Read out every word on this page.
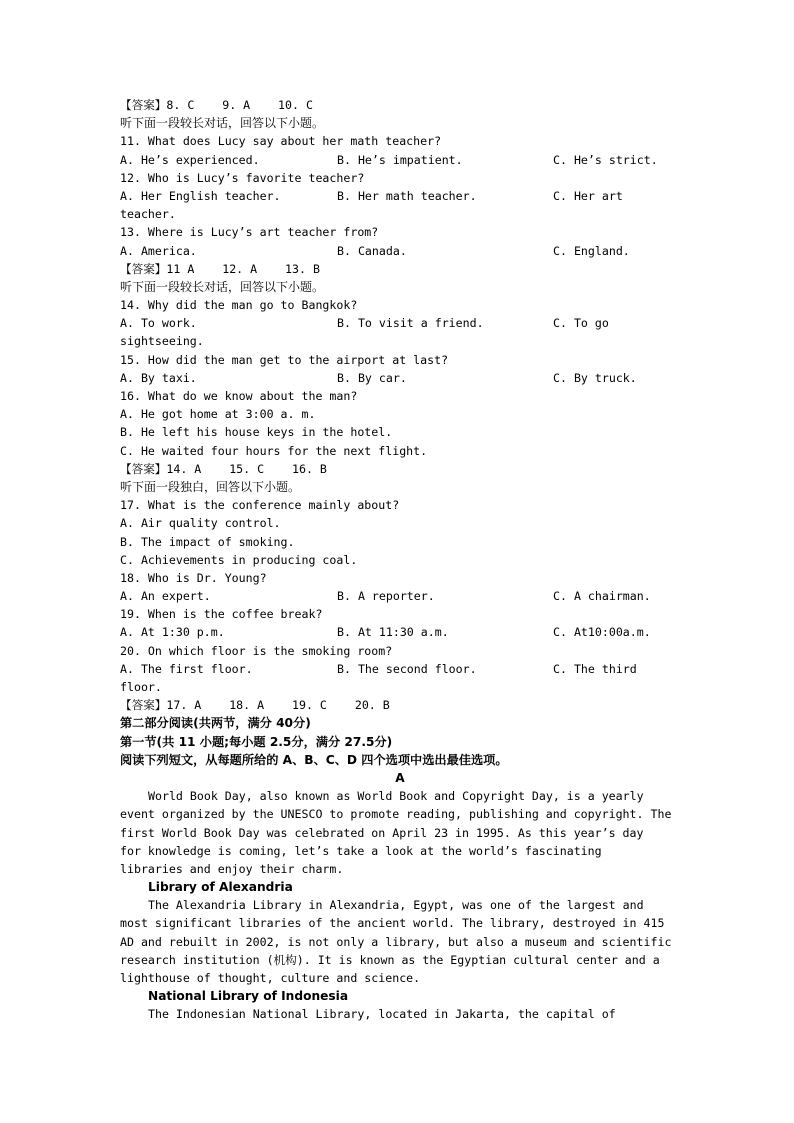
【答案】8. C    9. A    10. C
听下面一段较长对话，回答以下小题。
11. What does Lucy say about her math teacher?
A. He’s experienced.	B. He’s impatient.	C. He’s strict.
12. Who is Lucy’s favorite teacher?
A. Her English teacher.	B. Her math teacher.	C. Her art
teacher.
13. Where is Lucy’s art teacher from?
A. America.	B. Canada.	C. England.
【答案】11 A    12. A    13. B
听下面一段较长对话，回答以下小题。
14. Why did the man go to Bangkok?
A. To work.	B. To visit a friend.	C. To go
sightseeing.
15. How did the man get to the airport at last?
A. By taxi.	B. By car.	C. By truck.
16. What do we know about the man?
A. He got home at 3:00 a. m.
B. He left his house keys in the hotel.
C. He waited four hours for the next flight.
【答案】14. A    15. C    16. B
听下面一段独白，回答以下小题。
17. What is the conference mainly about?
A. Air quality control.
B. The impact of smoking.
C. Achievements in producing coal.
18. Who is Dr. Young?
A. An expert.	B. A reporter.	C. A chairman.
19. When is the coffee break?
A. At 1:30 p.m.	B. At 11:30 a.m.	C. At10:00a.m.
20. On which floor is the smoking room?
A. The first floor.	B. The second floor.	C. The third
floor.
【答案】17. A    18. A    19. C    20. B
第二部分阅读(共两节，满分 40分)
第一节(共 11 小题;每小题 2.5分，满分 27.5分)
阅读下列短文，从每题所给的 A、B、C、D 四个选项中选出最佳选项。
A
World Book Day, also known as World Book and Copyright Day, is a yearly
event organized by the UNESCO to promote reading, publishing and copyright. The
first World Book Day was celebrated on April 23 in 1995. As this year’s day
for knowledge is coming, let’s take a look at the world’s fascinating
libraries and enjoy their charm.
Library of Alexandria
The Alexandria Library in Alexandria, Egypt, was one of the largest and
most significant libraries of the ancient world. The library, destroyed in 415
AD and rebuilt in 2002, is not only a library, but also a museum and scientific
research institution (机构). It is known as the Egyptian cultural center and a
lighthouse of thought, culture and science.
National Library of Indonesia
The Indonesian National Library, located in Jakarta, the capital of
